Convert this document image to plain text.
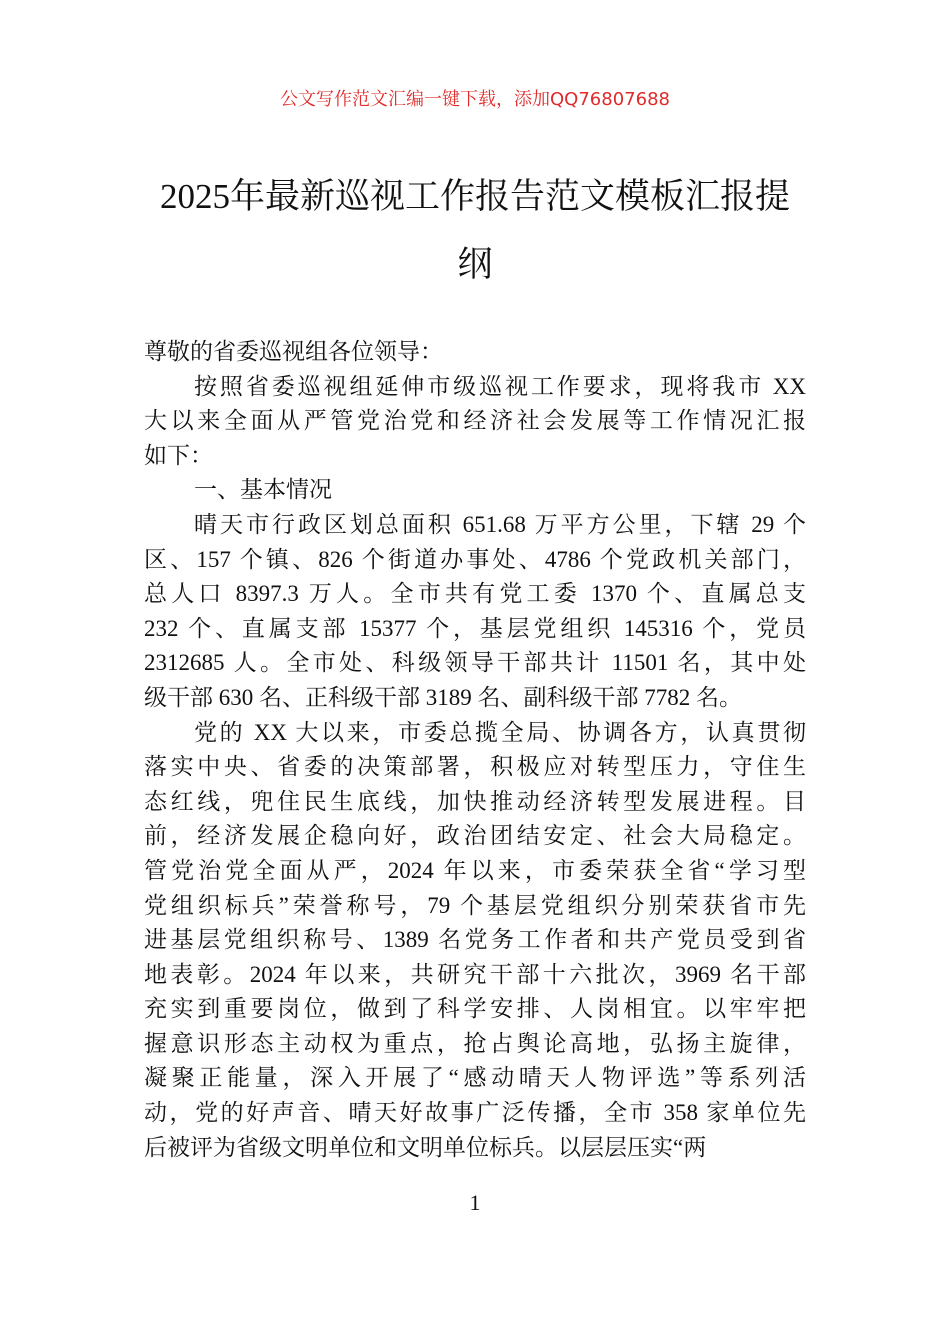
公文写作范文汇编一键下载，添加QQ76807688
2025年最新巡视工作报告范文模板汇报提
纲
尊敬的省委巡视组各位领导：
按照省委巡视组延伸市级巡视工作要求，现将我市 XX
大以来全面从严管党治党和经济社会发展等工作情况汇报
如下：
一、基本情况
晴天市行政区划总面积 651.68 万平方公里，下辖 29 个
区、157 个镇、826 个街道办事处、4786 个党政机关部门，
总人口 8397.3 万人。全市共有党工委 1370 个、直属总支
232 个、直属支部 15377 个，基层党组织 145316 个，党员
2312685 人。全市处、科级领导干部共计 11501 名，其中处
级干部 630 名、正科级干部 3189 名、副科级干部 7782 名。
党的 XX 大以来，市委总揽全局、协调各方，认真贯彻
落实中央、省委的决策部署，积极应对转型压力，守住生
态红线，兜住民生底线，加快推动经济转型发展进程。目
前，经济发展企稳向好，政治团结安定、社会大局稳定。
管党治党全面从严，2024 年以来，市委荣获全省“学习型
党组织标兵”荣誉称号，79 个基层党组织分别荣获省市先
进基层党组织称号、1389 名党务工作者和共产党员受到省
地表彰。2024 年以来，共研究干部十六批次，3969 名干部
充实到重要岗位，做到了科学安排、人岗相宜。以牢牢把
握意识形态主动权为重点，抢占舆论高地，弘扬主旋律，
凝聚正能量，深入开展了“感动晴天人物评选”等系列活
动，党的好声音、晴天好故事广泛传播，全市 358 家单位先
后被评为省级文明单位和文明单位标兵。以层层压实“两
1
